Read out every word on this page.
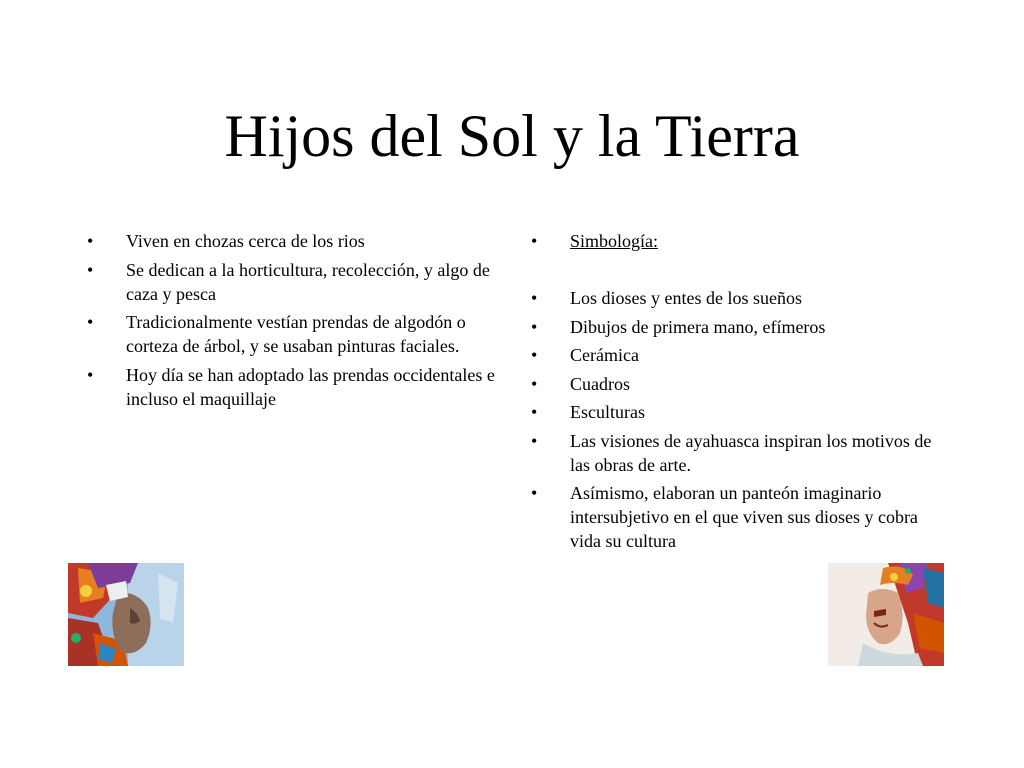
Hijos del Sol y la Tierra
• Viven en chozas cerca de los rios
• Se dedican a la horticultura, recolección, y algo de caza y pesca
• Tradicionalmente vestían prendas de algodón o corteza de árbol, y se usaban pinturas faciales.
• Hoy día se han adoptado las prendas occidentales e incluso el maquillaje
• Simbología:
• Los dioses y entes de los sueños
• Dibujos de primera mano, efímeros
• Cerámica
• Cuadros
• Esculturas
• Las visiones de ayahuasca inspiran los motivos de las obras de arte.
• Asímismo, elaboran un panteón imaginario intersubjetivo en el que viven sus dioses y cobra vida su cultura
